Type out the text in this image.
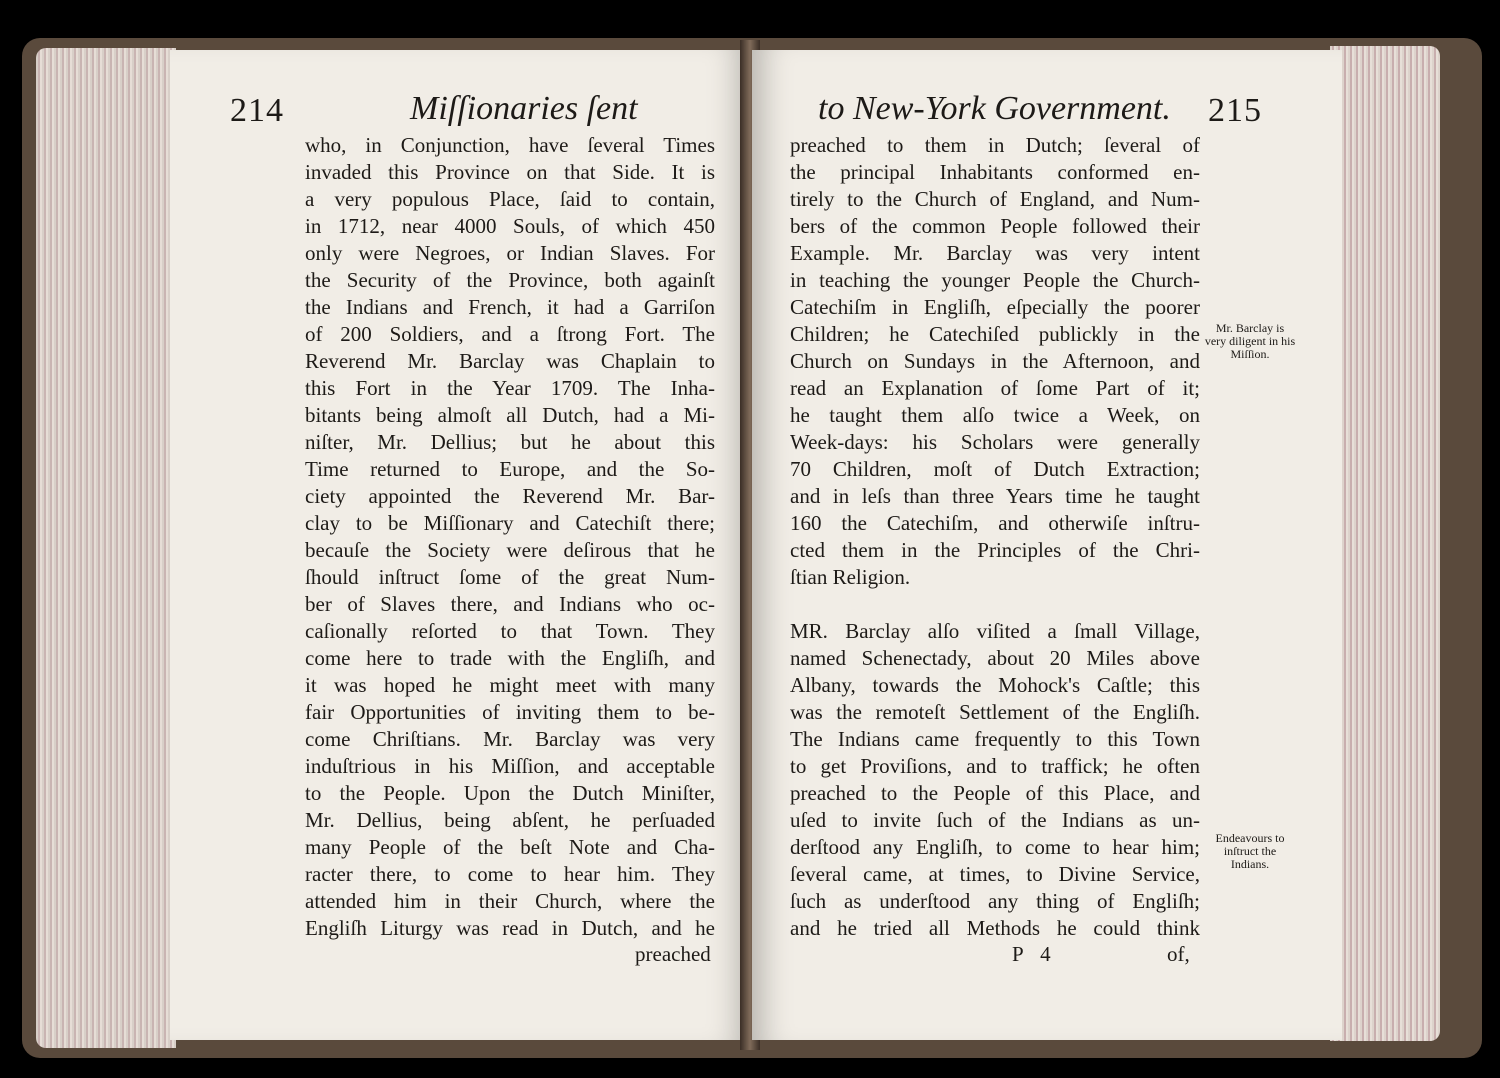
214	Miſſionaries ſent
who, in Conjunction, have ſeveral Times
invaded this Province on that Side. It is
a very populous Place, ſaid to contain,
in 1712, near 4000 Souls, of which 450
only were Negroes, or Indian Slaves. For
the Security of the Province, both againſt
the Indians and French, it had a Garriſon
of 200 Soldiers, and a ſtrong Fort. The
Reverend Mr. Barclay was Chaplain to
this Fort in the Year 1709. The Inha-
bitants being almoſt all Dutch, had a Mi-
niſter, Mr. Dellius; but he about this
Time returned to Europe, and the So-
ciety appointed the Reverend Mr. Bar-
clay to be Miſſionary and Catechiſt there;
becauſe the Society were deſirous that he
ſhould inſtruct ſome of the great Num-
ber of Slaves there, and Indians who oc-
caſionally reſorted to that Town. They
come here to trade with the Engliſh, and
it was hoped he might meet with many
fair Opportunities of inviting them to be-
come Chriſtians. Mr. Barclay was very
induſtrious in his Miſſion, and acceptable
to the People. Upon the Dutch Miniſter,
Mr. Dellius, being abſent, he perſuaded
many People of the beſt Note and Cha-
racter there, to come to hear him. They
attended him in their Church, where the
Engliſh Liturgy was read in Dutch, and he
preached
to New-York Government. 215
preached to them in Dutch; ſeveral of
the principal Inhabitants conformed en-
tirely to the Church of England, and Num-
bers of the common People followed their
Example. Mr. Barclay was very intent
in teaching the younger People the Church-
Catechiſm in Engliſh, eſpecially the poorer
Children; he Catechiſed publickly in the
Church on Sundays in the Afternoon, and
read an Explanation of ſome Part of it;
he taught them alſo twice a Week, on
Week-days: his Scholars were generally
70 Children, moſt of Dutch Extraction;
and in leſs than three Years time he taught
160 the Catechiſm, and otherwiſe inſtru-
cted them in the Principles of the Chri-
ſtian Religion.
MR. Barclay alſo viſited a ſmall Village,
named Schenectady, about 20 Miles above
Albany, towards the Mohock's Caſtle; this
was the remoteſt Settlement of the Engliſh.
The Indians came frequently to this Town
to get Proviſions, and to traffick; he often
preached to the People of this Place, and
uſed to invite ſuch of the Indians as un-
derſtood any Engliſh, to come to hear him;
ſeveral came, at times, to Divine Service,
ſuch as underſtood any thing of Engliſh;
and he tried all Methods he could think
Mr. Barclay is very diligent in his Miſſion.
Endeavours to inſtruct the Indians.
P 4	of,
